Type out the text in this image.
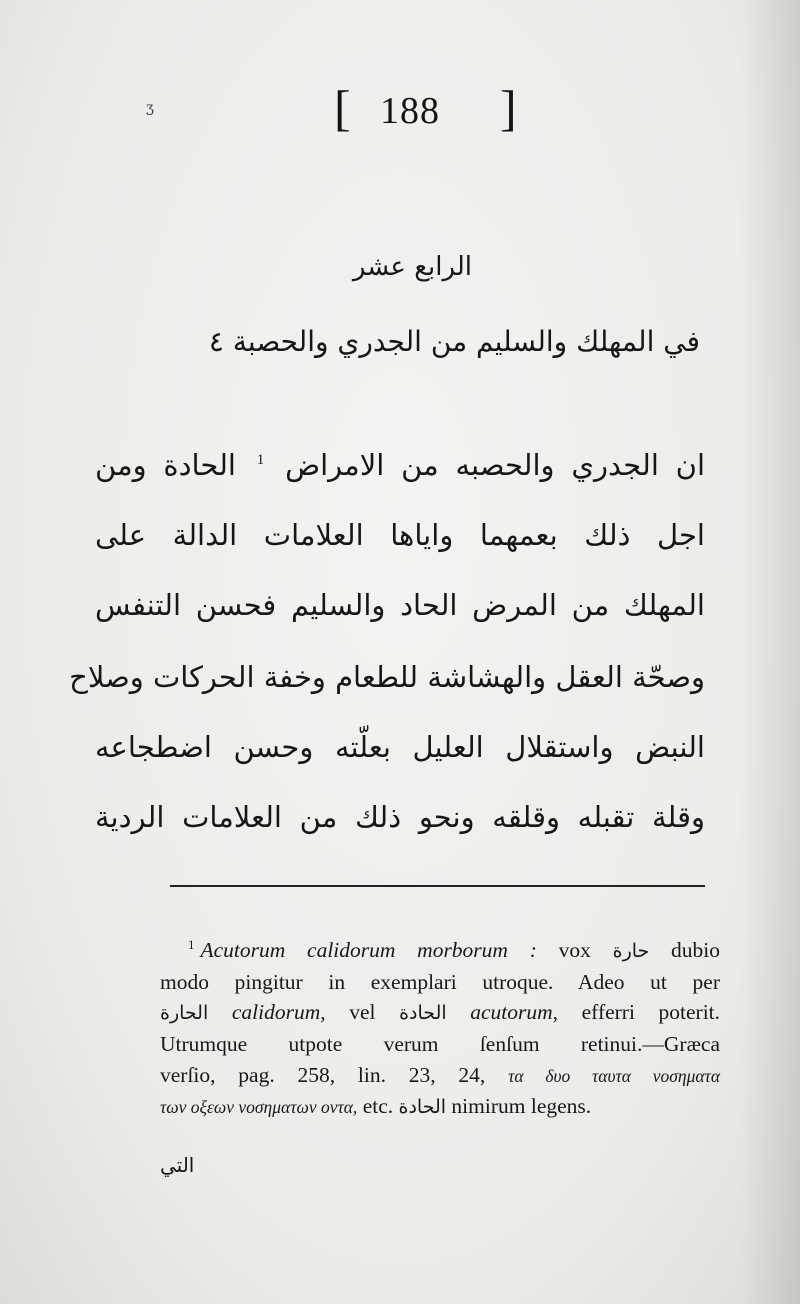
ʒ	[ 188 ]
الرابع عشر
في المهلك والسليم من الجدري والحصبة ٤
ان الجدري والحصبه من الامراض $^1$ الحادة ومن
اجل ذلك بعمهما واياها العلامات الدالة على
المهلك من المرض الحاد والسليم فحسن التنفس
وصحّة العقل والهشاشة للطعام وخفة الحركات وصلاح
النبض واستقلال العليل بعلّته وحسن اضطجاعه
وقلة تقبله وقلقه ونحو ذلك من العلامات الردية
$^1$ Acutorum calidorum morborum : vox حارة dubio
modo pingitur in exemplari utroque. Adeo ut per
الحارة calidorum, vel الحادة acutorum, efferri poterit.
Utrumque utpote verum ſenſum retinui.—Græca
verſio, pag. 258, lin. 23, 24, τα δυο ταυτα νοσηματα
των οξεων νοσηματων οντα, etc. الحادة nimirum legens.
التي
